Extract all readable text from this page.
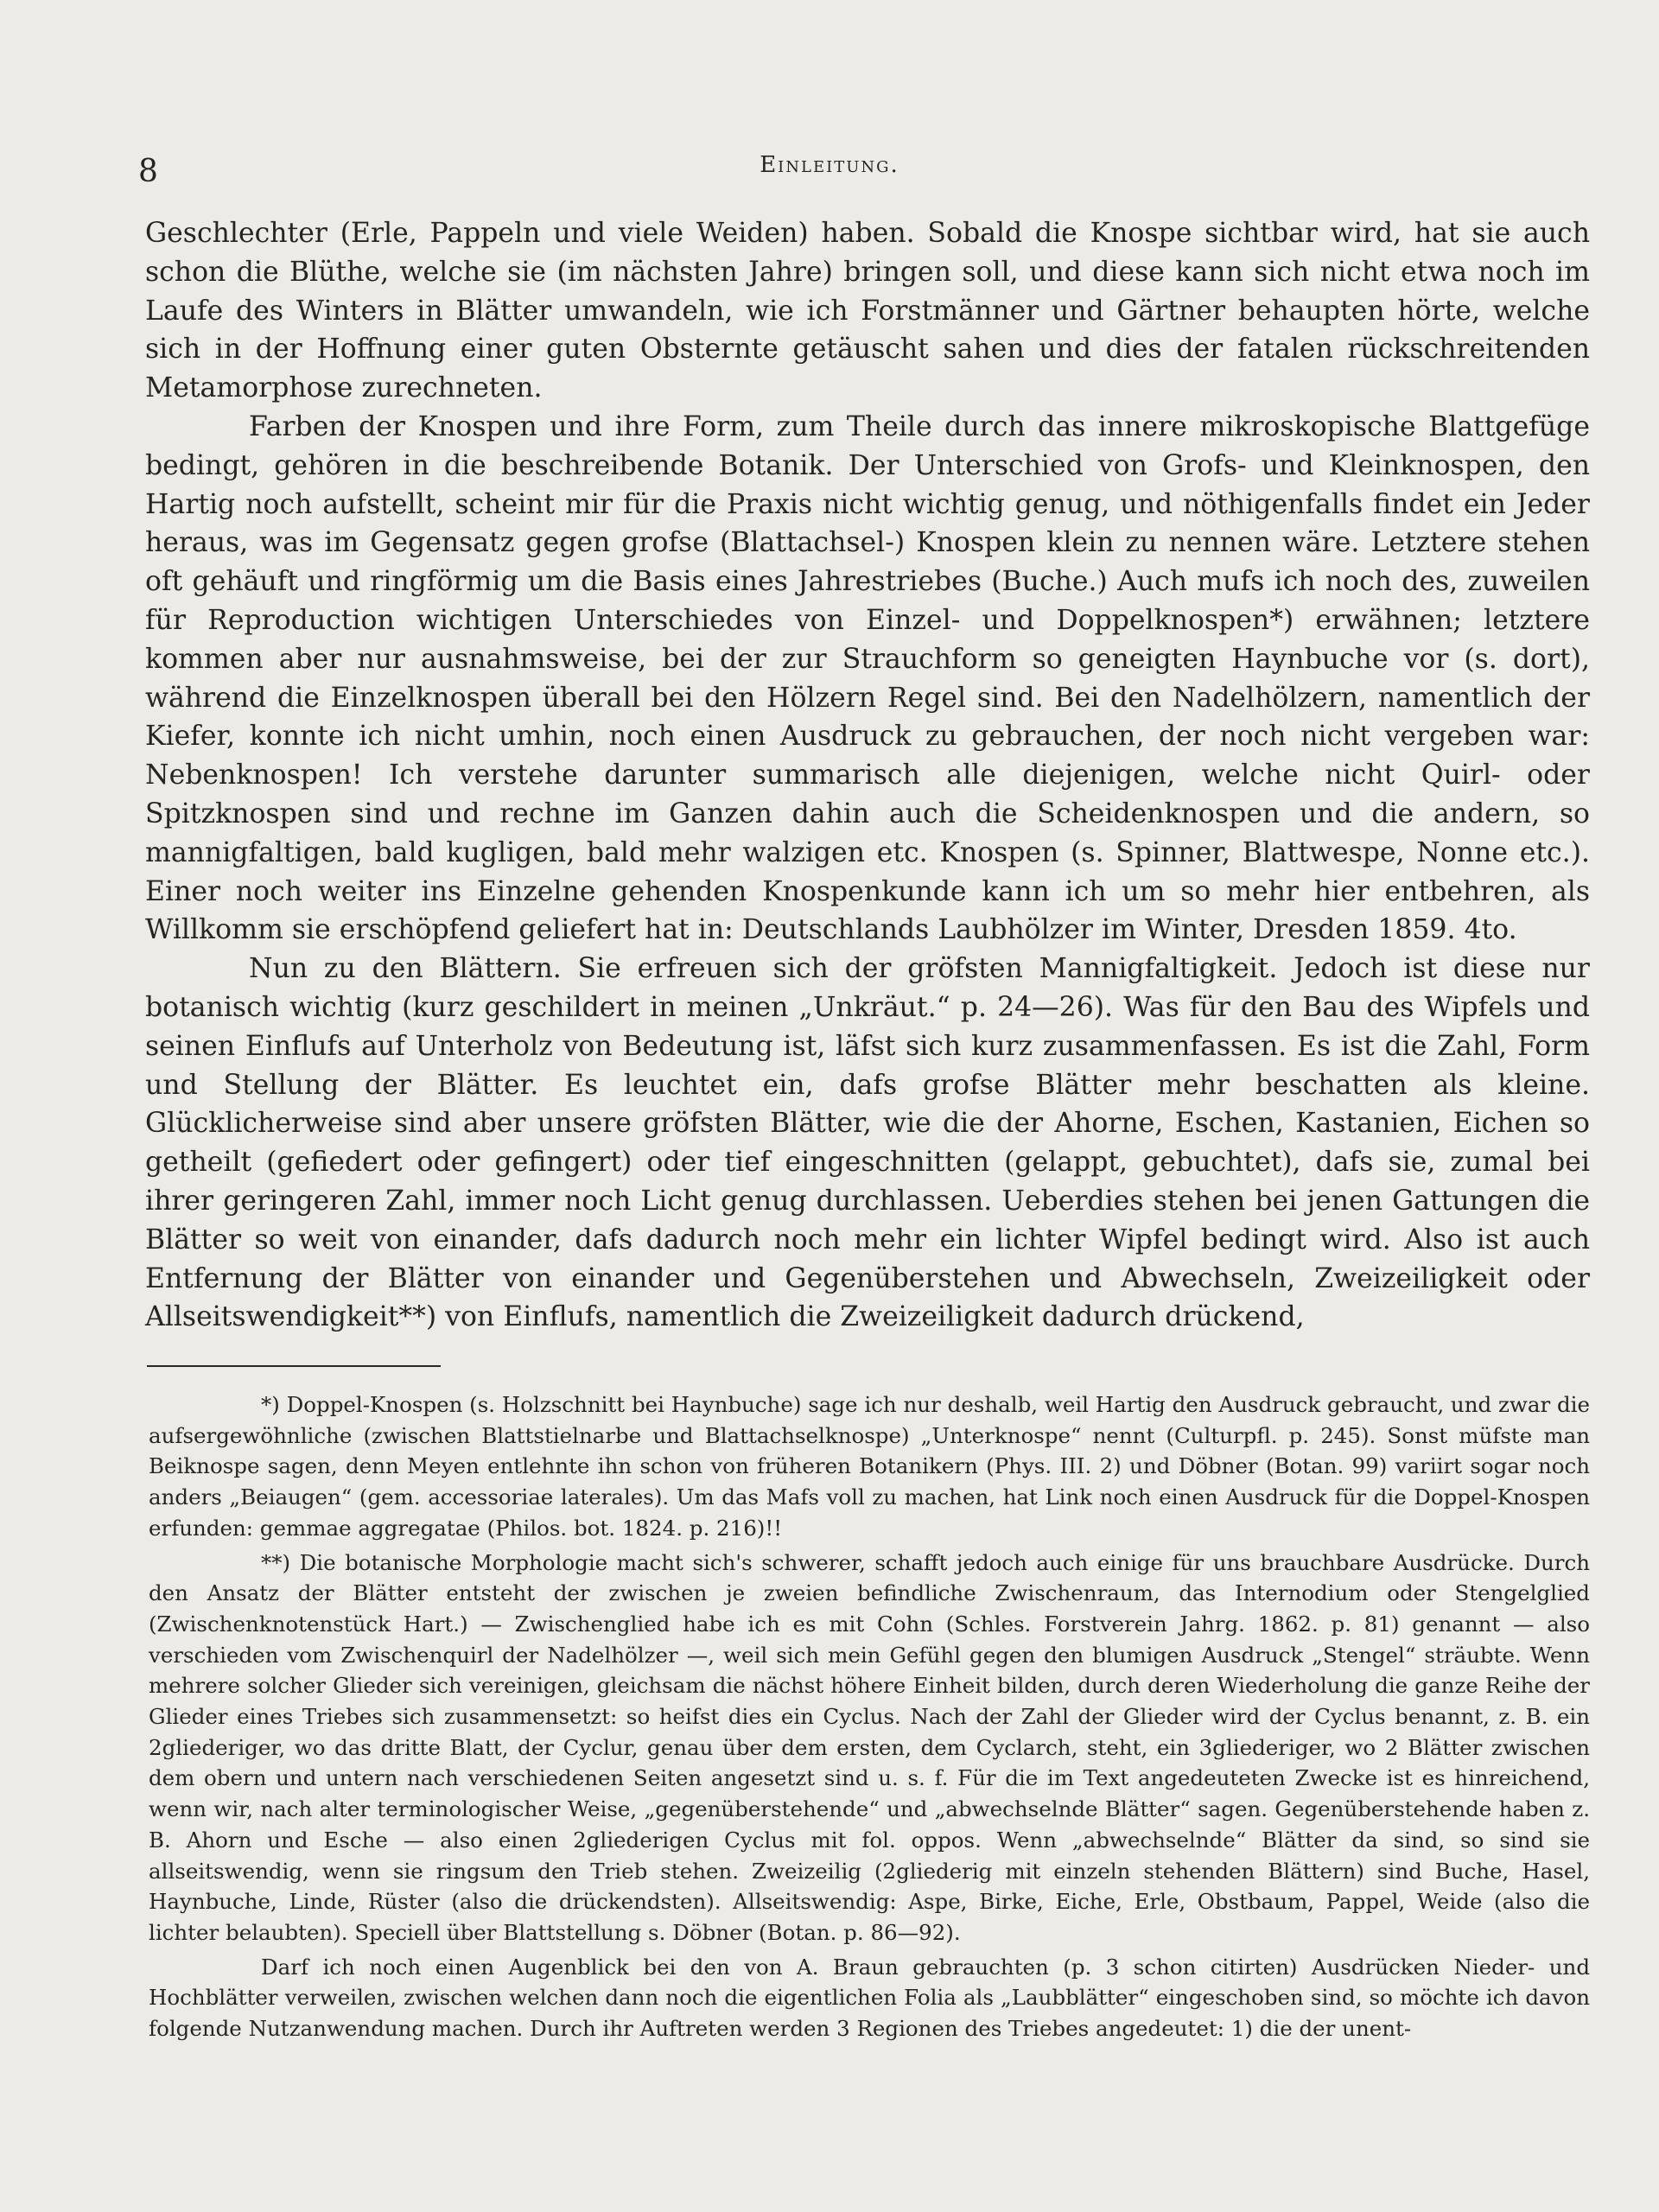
8	Einleitung.

Geschlechter (Erle, Pappeln und viele Weiden) haben. Sobald die Knospe sichtbar wird, hat sie auch schon die Blüthe, welche sie (im nächsten Jahre) bringen soll, und diese kann sich nicht etwa noch im Laufe des Winters in Blätter umwandeln, wie ich Forstmänner und Gärtner behaupten hörte, welche sich in der Hoffnung einer guten Obsternte getäuscht sahen und dies der fatalen rückschreitenden Metamorphose zurechneten.

Farben der Knospen und ihre Form, zum Theile durch das innere mikroskopische Blattgefüge bedingt, gehören in die beschreibende Botanik. Der Unterschied von Grofs- und Kleinknospen, den Hartig noch aufstellt, scheint mir für die Praxis nicht wichtig genug, und nöthigenfalls findet ein Jeder heraus, was im Gegensatz gegen grofse (Blattachsel-) Knospen klein zu nennen wäre. Letztere stehen oft gehäuft und ringförmig um die Basis eines Jahrestriebes (Buche.) Auch mufs ich noch des, zuweilen für Reproduction wichtigen Unterschiedes von Einzel- und Doppelknospen*) erwähnen; letztere kommen aber nur ausnahmsweise, bei der zur Strauchform so geneigten Haynbuche vor (s. dort), während die Einzelknospen überall bei den Hölzern Regel sind. Bei den Nadelhölzern, namentlich der Kiefer, konnte ich nicht umhin, noch einen Ausdruck zu gebrauchen, der noch nicht vergeben war: Nebenknospen! Ich verstehe darunter summarisch alle diejenigen, welche nicht Quirl- oder Spitzknospen sind und rechne im Ganzen dahin auch die Scheidenknospen und die andern, so mannigfaltigen, bald kugligen, bald mehr walzigen etc. Knospen (s. Spinner, Blattwespe, Nonne etc.). Einer noch weiter ins Einzelne gehenden Knospenkunde kann ich um so mehr hier entbehren, als Willkomm sie erschöpfend geliefert hat in: Deutschlands Laubhölzer im Winter, Dresden 1859. 4to.

Nun zu den Blättern. Sie erfreuen sich der gröfsten Mannigfaltigkeit. Jedoch ist diese nur botanisch wichtig (kurz geschildert in meinen „Unkräut.“ p. 24—26). Was für den Bau des Wipfels und seinen Einflufs auf Unterholz von Bedeutung ist, läfst sich kurz zusammenfassen. Es ist die Zahl, Form und Stellung der Blätter. Es leuchtet ein, dafs grofse Blätter mehr beschatten als kleine. Glücklicherweise sind aber unsere gröfsten Blätter, wie die der Ahorne, Eschen, Kastanien, Eichen so getheilt (gefiedert oder gefingert) oder tief eingeschnitten (gelappt, gebuchtet), dafs sie, zumal bei ihrer geringeren Zahl, immer noch Licht genug durchlassen. Ueberdies stehen bei jenen Gattungen die Blätter so weit von einander, dafs dadurch noch mehr ein lichter Wipfel bedingt wird. Also ist auch Entfernung der Blätter von einander und Gegenüberstehen und Abwechseln, Zweizeiligkeit oder Allseitswendigkeit**) von Einflufs, namentlich die Zweizeiligkeit dadurch drückend,

*) Doppel-Knospen (s. Holzschnitt bei Haynbuche) sage ich nur deshalb, weil Hartig den Ausdruck gebraucht, und zwar die aufsergewöhnliche (zwischen Blattstielnarbe und Blattachselknospe) „Unterknospe“ nennt (Culturpfl. p. 245). Sonst müfste man Beiknospe sagen, denn Meyen entlehnte ihn schon von früheren Botanikern (Phys. III. 2) und Döbner (Botan. 99) variirt sogar noch anders „Beiaugen“ (gem. accessoriae laterales). Um das Mafs voll zu machen, hat Link noch einen Ausdruck für die Doppel-Knospen erfunden: gemmae aggregatae (Philos. bot. 1824. p. 216)!!

**) Die botanische Morphologie macht sich's schwerer, schafft jedoch auch einige für uns brauchbare Ausdrücke. Durch den Ansatz der Blätter entsteht der zwischen je zweien befindliche Zwischenraum, das Internodium oder Stengelglied (Zwischenknotenstück Hart.) — Zwischenglied habe ich es mit Cohn (Schles. Forstverein Jahrg. 1862. p. 81) genannt — also verschieden vom Zwischenquirl der Nadelhölzer —, weil sich mein Gefühl gegen den blumigen Ausdruck „Stengel“ sträubte. Wenn mehrere solcher Glieder sich vereinigen, gleichsam die nächst höhere Einheit bilden, durch deren Wiederholung die ganze Reihe der Glieder eines Triebes sich zusammensetzt: so heifst dies ein Cyclus. Nach der Zahl der Glieder wird der Cyclus benannt, z. B. ein 2gliederiger, wo das dritte Blatt, der Cyclur, genau über dem ersten, dem Cyclarch, steht, ein 3gliederiger, wo 2 Blätter zwischen dem obern und untern nach verschiedenen Seiten angesetzt sind u. s. f. Für die im Text angedeuteten Zwecke ist es hinreichend, wenn wir, nach alter terminologischer Weise, „gegenüberstehende“ und „abwechselnde Blätter“ sagen. Gegenüberstehende haben z. B. Ahorn und Esche — also einen 2gliederigen Cyclus mit fol. oppos. Wenn „abwechselnde“ Blätter da sind, so sind sie allseitswendig, wenn sie ringsum den Trieb stehen. Zweizeilig (2gliederig mit einzeln stehenden Blättern) sind Buche, Hasel, Haynbuche, Linde, Rüster (also die drückendsten). Allseitswendig: Aspe, Birke, Eiche, Erle, Obstbaum, Pappel, Weide (also die lichter belaubten). Speciell über Blattstellung s. Döbner (Botan. p. 86—92).

Darf ich noch einen Augenblick bei den von A. Braun gebrauchten (p. 3 schon citirten) Ausdrücken Nieder- und Hochblätter verweilen, zwischen welchen dann noch die eigentlichen Folia als „Laubblätter“ eingeschoben sind, so möchte ich davon folgende Nutzanwendung machen. Durch ihr Auftreten werden 3 Regionen des Triebes angedeutet: 1) die der unent-
